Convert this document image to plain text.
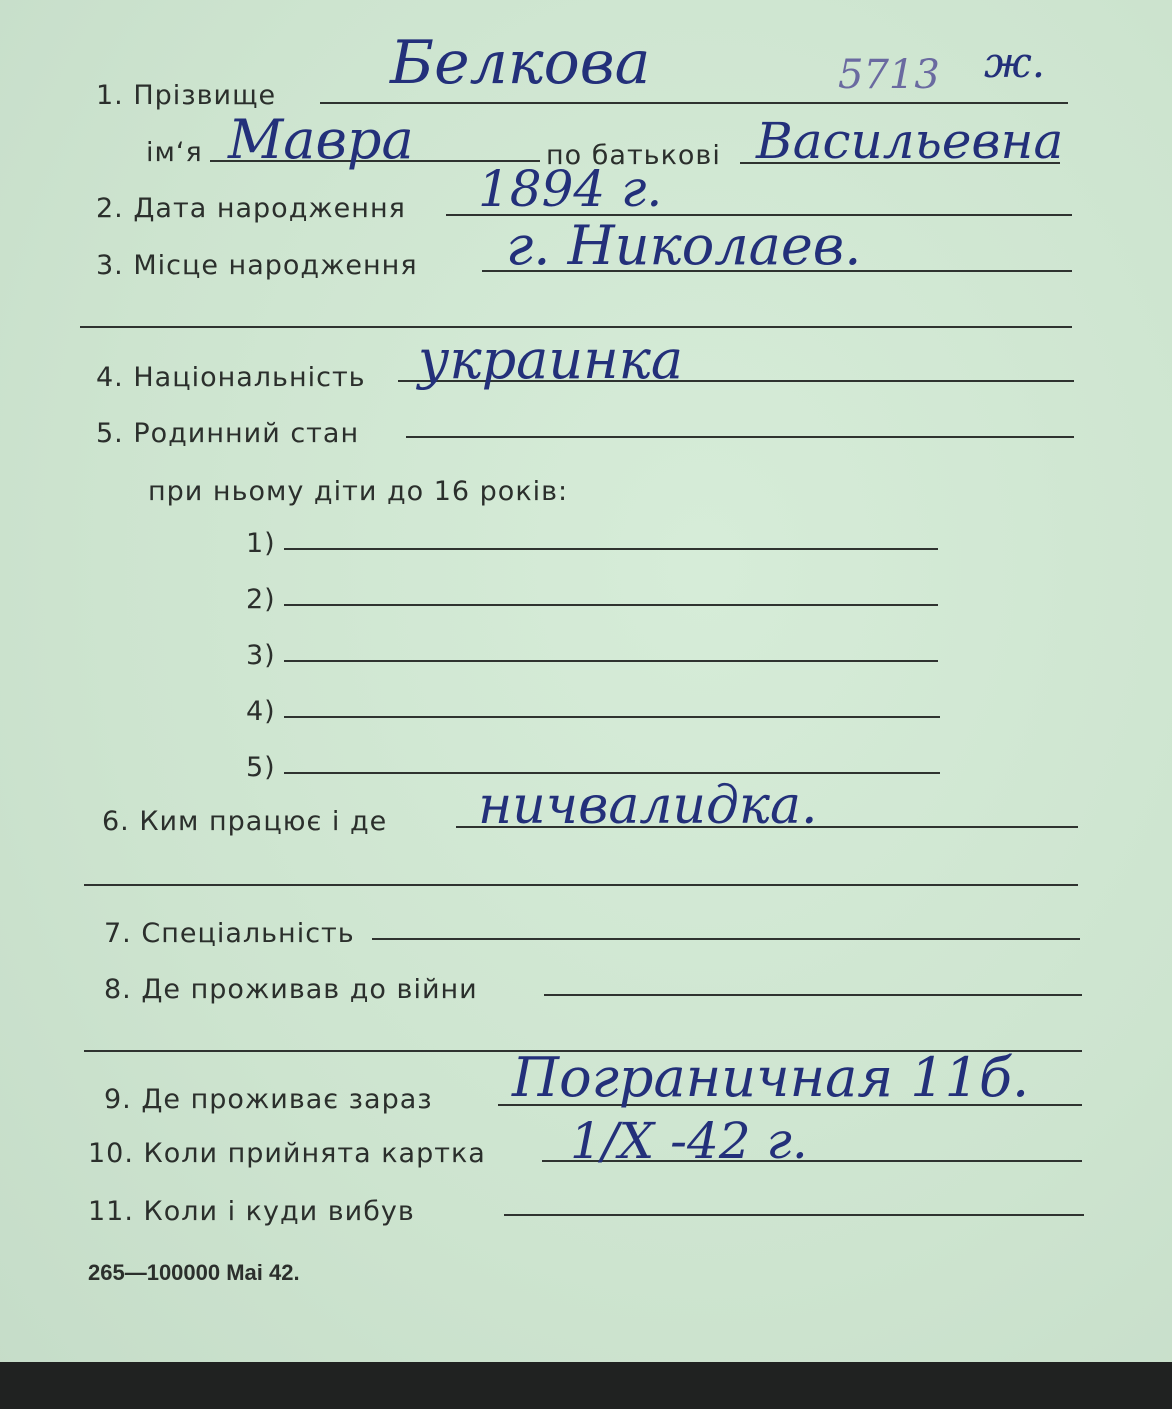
1. Прізвище Белкова	5713 ж.
ім‘я Мавра	по батькові Васильевна
2. Дата народження 1894 г.
3. Місце народження г. Николаев.
4. Національність украинка
5. Родинний стан
при ньому діти до 16 років:
1)
2)
3)
4)
5)
6. Ким працює і де ничвалидка.
7. Спеціальність
8. Де проживав до війни
9. Де проживає зараз Пограничная 11б.
10. Коли прийнята картка 1/X -42 г.
11. Коли і куди вибув
265—100000 Mai 42.
